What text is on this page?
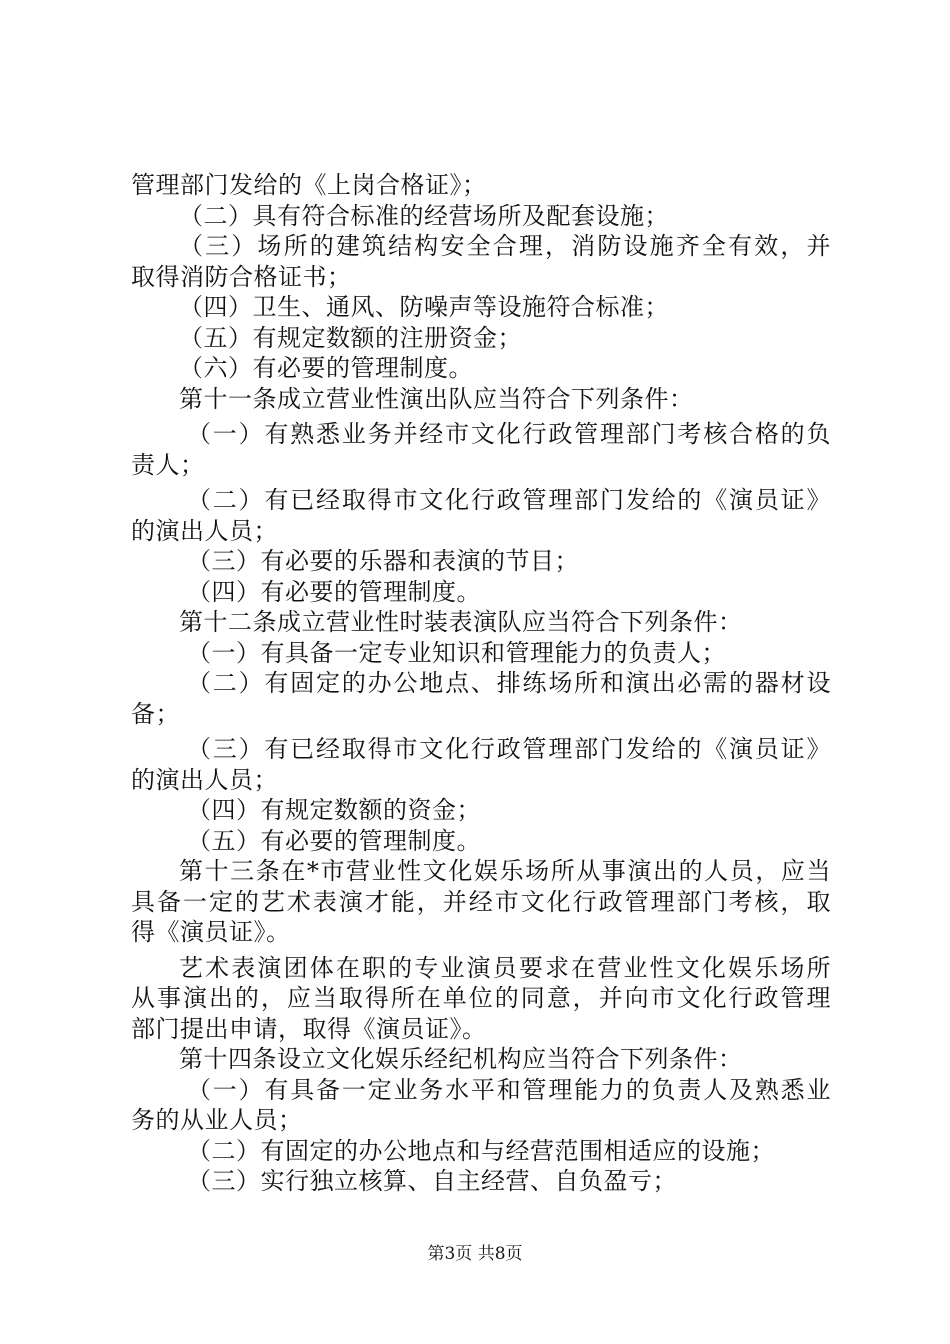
管理部门发给的《上岗合格证》；
（二）具有符合标准的经营场所及配套设施；
（三）场所的建筑结构安全合理，消防设施齐全有效，并
取得消防合格证书；
（四）卫生、通风、防噪声等设施符合标准；
（五）有规定数额的注册资金；
（六）有必要的管理制度。
第十一条成立营业性演出队应当符合下列条件：
（一）有熟悉业务并经市文化行政管理部门考核合格的负
责人；
（二）有已经取得市文化行政管理部门发给的《演员证》
的演出人员；
（三）有必要的乐器和表演的节目；
（四）有必要的管理制度。
第十二条成立营业性时装表演队应当符合下列条件：
（一）有具备一定专业知识和管理能力的负责人；
（二）有固定的办公地点、排练场所和演出必需的器材设
备；
（三）有已经取得市文化行政管理部门发给的《演员证》
的演出人员；
（四）有规定数额的资金；
（五）有必要的管理制度。
第十三条在*市营业性文化娱乐场所从事演出的人员，应当
具备一定的艺术表演才能，并经市文化行政管理部门考核，取
得《演员证》。
艺术表演团体在职的专业演员要求在营业性文化娱乐场所
从事演出的，应当取得所在单位的同意，并向市文化行政管理
部门提出申请，取得《演员证》。
第十四条设立文化娱乐经纪机构应当符合下列条件：
（一）有具备一定业务水平和管理能力的负责人及熟悉业
务的从业人员；
（二）有固定的办公地点和与经营范围相适应的设施；
（三）实行独立核算、自主经营、自负盈亏；
第3页 共8页
